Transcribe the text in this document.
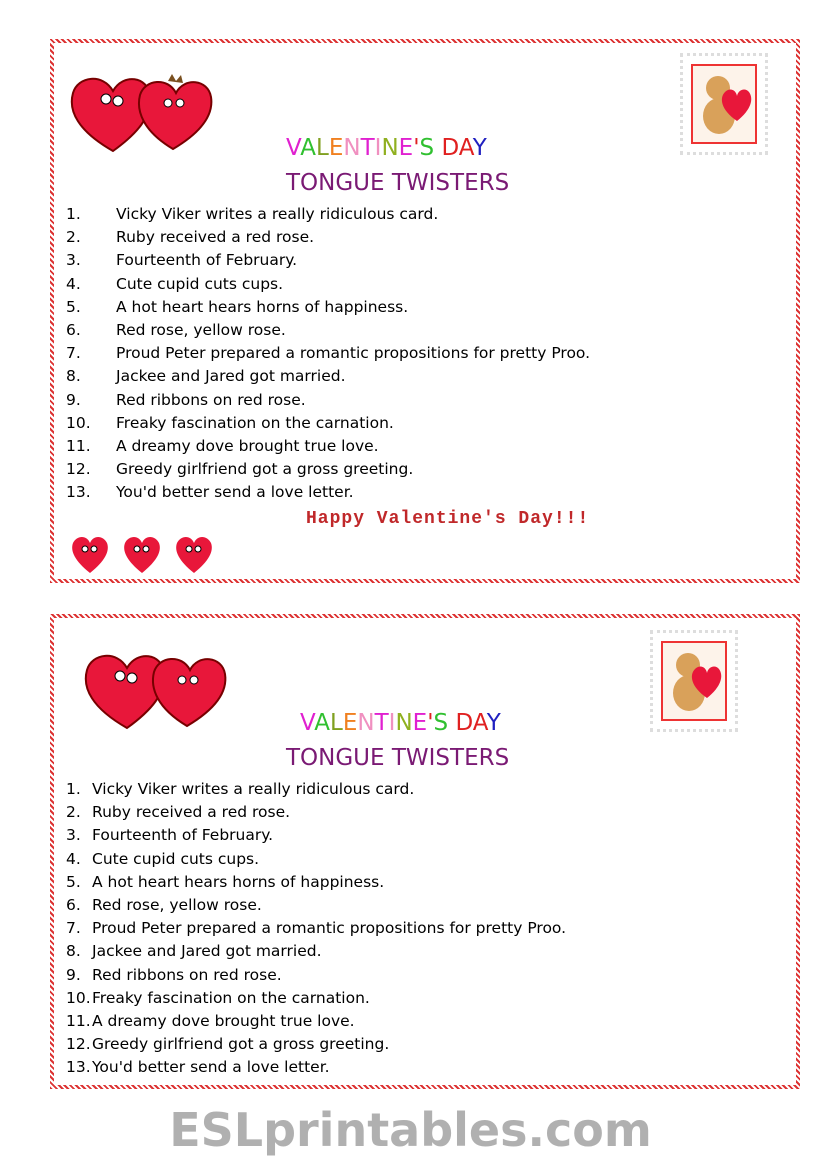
VALENTINE'S DAY
TONGUE TWISTERS
1.	Vicky Viker writes a really ridiculous card.
2.	Ruby received a red rose.
3.	Fourteenth of February.
4.	Cute cupid cuts cups.
5.	A hot heart hears horns of happiness.
6.	Red rose, yellow rose.
7.	Proud Peter prepared a romantic propositions for pretty Proo.
8.	Jackee and Jared got married.
9.	Red ribbons on red rose.
10.	Freaky fascination on the carnation.
11.	A dreamy dove brought true love.
12.	Greedy girlfriend got a gross greeting.
13.	You'd better send a love letter.
Happy Valentine's Day!!!
VALENTINE'S DAY
TONGUE TWISTERS
1. Vicky Viker writes a really ridiculous card.
2. Ruby received a red rose.
3. Fourteenth of February.
4. Cute cupid cuts cups.
5. A hot heart hears horns of happiness.
6. Red rose, yellow rose.
7. Proud Peter prepared a romantic propositions for pretty Proo.
8. Jackee and Jared got married.
9. Red ribbons on red rose.
10. Freaky fascination on the carnation.
11. A dreamy dove brought true love.
12. Greedy girlfriend got a gross greeting.
13. You'd better send a love letter.
ESLprintables.com
